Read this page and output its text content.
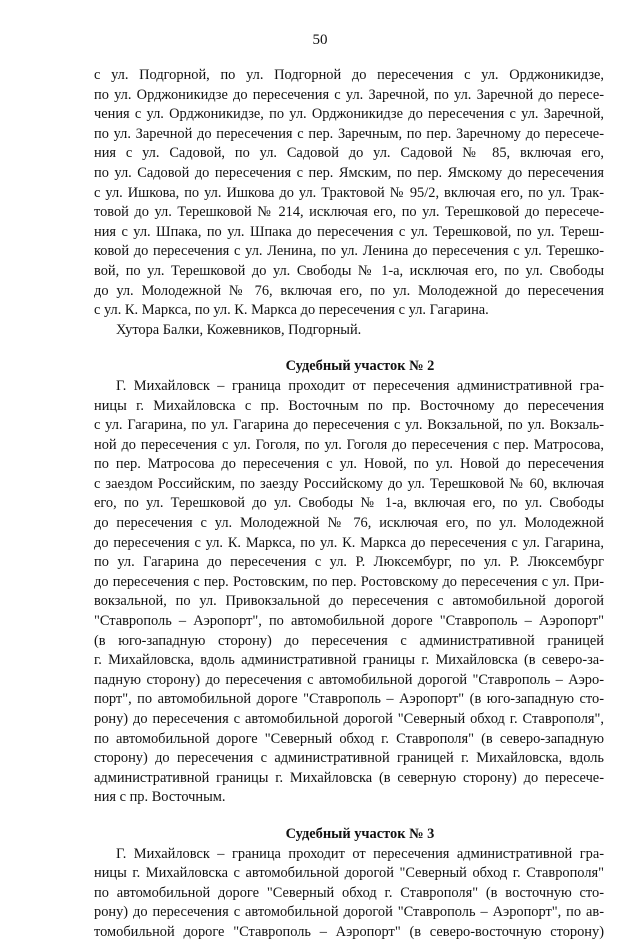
50
с ул. Подгорной, по ул. Подгорной до пересечения с ул. Орджоникидзе,
по ул. Орджоникидзе до пересечения с ул. Заречной, по ул. Заречной до пересе-
чения с ул. Орджоникидзе, по ул. Орджоникидзе до пересечения с ул. Заречной,
по ул. Заречной до пересечения с пер. Заречным, по пер. Заречному до пересече-
ния с ул. Садовой, по ул. Садовой до ул. Садовой № 85, включая его,
по ул. Садовой до пересечения с пер. Ямским, по пер. Ямскому до пересечения
с ул. Ишкова, по ул. Ишкова до ул. Трактовой № 95/2, включая его, по ул. Трак-
товой до ул. Терешковой № 214, исключая его, по ул. Терешковой до пересече-
ния с ул. Шпака, по ул. Шпака до пересечения с ул. Терешковой, по ул. Тереш-
ковой до пересечения с ул. Ленина, по ул. Ленина до пересечения с ул. Терешко-
вой, по ул. Терешковой до ул. Свободы № 1-а, исключая его, по ул. Свободы
до ул. Молодежной № 76, включая его, по ул. Молодежной до пересечения
с ул. К. Маркса, по ул. К. Маркса до пересечения с ул. Гагарина.
Хутора Балки, Кожевников, Подгорный.
Судебный участок № 2
Г. Михайловск – граница проходит от пересечения административной гра-
ницы г. Михайловска с пр. Восточным по пр. Восточному до пересечения
с ул. Гагарина, по ул. Гагарина до пересечения с ул. Вокзальной, по ул. Вокзаль-
ной до пересечения с ул. Гоголя, по ул. Гоголя до пересечения с пер. Матросова,
по пер. Матросова до пересечения с ул. Новой, по ул. Новой до пересечения
с заездом Российским, по заезду Российскому до ул. Терешковой № 60, включая
его, по ул. Терешковой до ул. Свободы № 1-а, включая его, по ул. Свободы
до пересечения с ул. Молодежной № 76, исключая его, по ул. Молодежной
до пересечения с ул. К. Маркса, по ул. К. Маркса до пересечения с ул. Гагарина,
по ул. Гагарина до пересечения с ул. Р. Люксембург, по ул. Р. Люксембург
до пересечения с пер. Ростовским, по пер. Ростовскому до пересечения с ул. При-
вокзальной, по ул. Привокзальной до пересечения с автомобильной дорогой
"Ставрополь – Аэропорт", по автомобильной дороге "Ставрополь – Аэропорт"
(в юго-западную сторону) до пересечения с административной границей
г. Михайловска, вдоль административной границы г. Михайловска (в северо-за-
падную сторону) до пересечения с автомобильной дорогой "Ставрополь – Аэро-
порт", по автомобильной дороге "Ставрополь – Аэропорт" (в юго-западную сто-
рону) до пересечения с автомобильной дорогой "Северный обход г. Ставрополя",
по автомобильной дороге "Северный обход г. Ставрополя" (в северо-западную
сторону) до пересечения с административной границей г. Михайловска, вдоль
административной границы г. Михайловска (в северную сторону) до пересече-
ния с пр. Восточным.
Судебный участок № 3
Г. Михайловск – граница проходит от пересечения административной гра-
ницы г. Михайловска с автомобильной дорогой "Северный обход г. Ставрополя"
по автомобильной дороге "Северный обход г. Ставрополя" (в восточную сто-
рону) до пересечения с автомобильной дорогой "Ставрополь – Аэропорт", по ав-
томобильной дороге "Ставрополь – Аэропорт" (в северо-восточную сторону)
